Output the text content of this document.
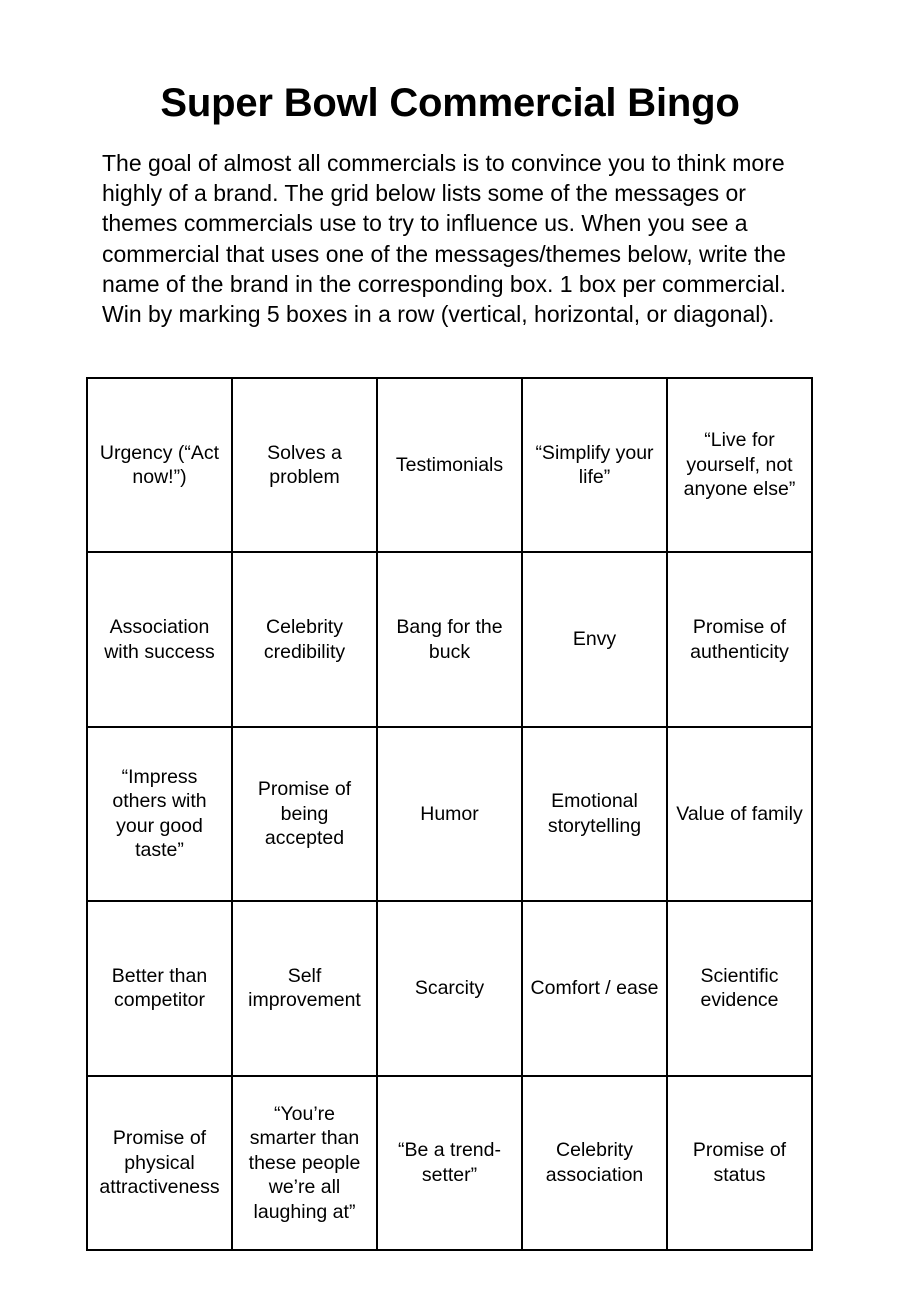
Super Bowl Commercial Bingo

The goal of almost all commercials is to convince you to think more highly of a brand. The grid below lists some of the messages or themes commercials use to try to influence us. When you see a commercial that uses one of the messages/themes below, write the name of the brand in the corresponding box. 1 box per commercial. Win by marking 5 boxes in a row (vertical, horizontal, or diagonal).

Urgency (“Act now!”)	Solves a problem	Testimonials	“Simplify your life”	“Live for yourself, not anyone else”

Association with success	Celebrity credibility	Bang for the buck	Envy	Promise of authenticity

“Impress others with your good taste”	Promise of being accepted	Humor	Emotional storytelling	Value of family

Better than competitor	Self improvement	Scarcity	Comfort / ease	Scientific evidence

Promise of physical attractiveness	“You’re smarter than these people we’re all laughing at”	“Be a trend-setter”	Celebrity association	Promise of status
